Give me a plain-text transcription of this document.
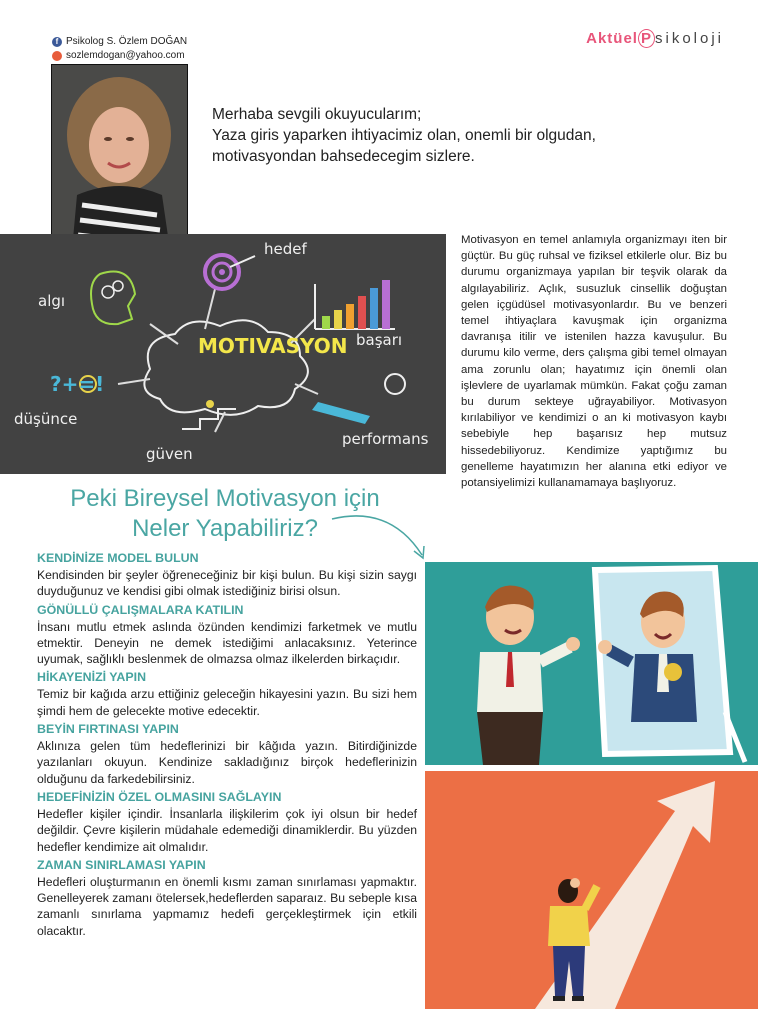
f Psikolog S. Özlem DOĞAN
sozlemdogan@yahoo.com
Aktüel P sikoloji
Merhaba sevgili okuyucularım;
Yaza giris yaparken ihtiyacimiz olan, onemli bir olgudan,
motivasyondan bahsedecegim sizlere.
MOTIVASYON
hedef
algı
başarı
?+=!
düşünce
performans
güven
Motivasyon en temel anlamıyla organizmayı iten bir güçtür. Bu güç ruhsal ve fiziksel etkilerle olur. Biz bu durumu organizmaya yapılan bir teşvik olarak da algılayabiliriz. Açlık, susuzluk cinsellik doğuştan gelen içgüdüsel motivasyonlardır. Bu ve benzeri temel ihtiyaçlara kavuşmak için organizma davranışa itilir ve istenilen hazza kavuşulur. Bu durumu kilo verme, ders çalışma gibi temel olmayan ama zorunlu olan; hayatımız için önemli olan işlevlere de uyarlamak mümkün. Fakat çoğu zaman bu durum sekteye uğrayabiliyor. Motivasyon kırılabiliyor ve kendimizi o an ki motivasyon kaybı sebebiyle hep başarısız hep mutsuz hissedebiliyoruz. Kendimize yaptığımız bu genelleme hayatımızın her alanına etki ediyor ve potansiyelimizi kullanamamaya başlıyoruz.
Peki Bireysel Motivasyon için
Neler Yapabiliriz?
KENDİNİZE MODEL BULUN
Kendisinden bir şeyler öğreneceğiniz bir kişi bulun. Bu kişi sizin saygı duyduğunuz ve kendisi gibi olmak istediğiniz birisi olsun.
GÖNÜLLÜ ÇALIŞMALARA KATILIN
İnsanı mutlu etmek aslında özünden kendimizi farketmek ve mutlu etmektir. Deneyin ne demek istediğimi anlacaksınız. Yeterince uyumak, sağlıklı beslenmek de olmazsa olmaz ilkelerden birkaçıdır.
HİKAYENİZİ YAPIN
Temiz bir kağıda arzu ettiğiniz geleceğin hikayesini yazın. Bu sizi hem şimdi hem de gelecekte motive edecektir.
BEYİN FIRTINASI YAPIN
Aklınıza gelen tüm hedeflerinizi bir kâğıda yazın. Bitirdiğinizde yazılanları okuyun. Kendinize sakladığınız birçok hedeflerinizin olduğunu da farkedebilirsiniz.
HEDEFİNİZİN ÖZEL OLMASINI SAĞLAYIN
Hedefler kişiler içindir. İnsanlarla ilişkilerim çok iyi olsun bir hedef değildir. Çevre kişilerin müdahale edemediği dinamiklerdir. Bu yüzden hedefler kendimize ait olmalıdır.
ZAMAN SINIRLAMASI YAPIN
Hedefleri oluşturmanın en önemli kısmı zaman sınırlaması yapmaktır. Genelleyerek zamanı ötelersek,hedeflerden saparaız. Bu sebeple kısa zamanlı sınırlama yapmamız hedefi gerçekleştirmek için etkili olacaktır.
